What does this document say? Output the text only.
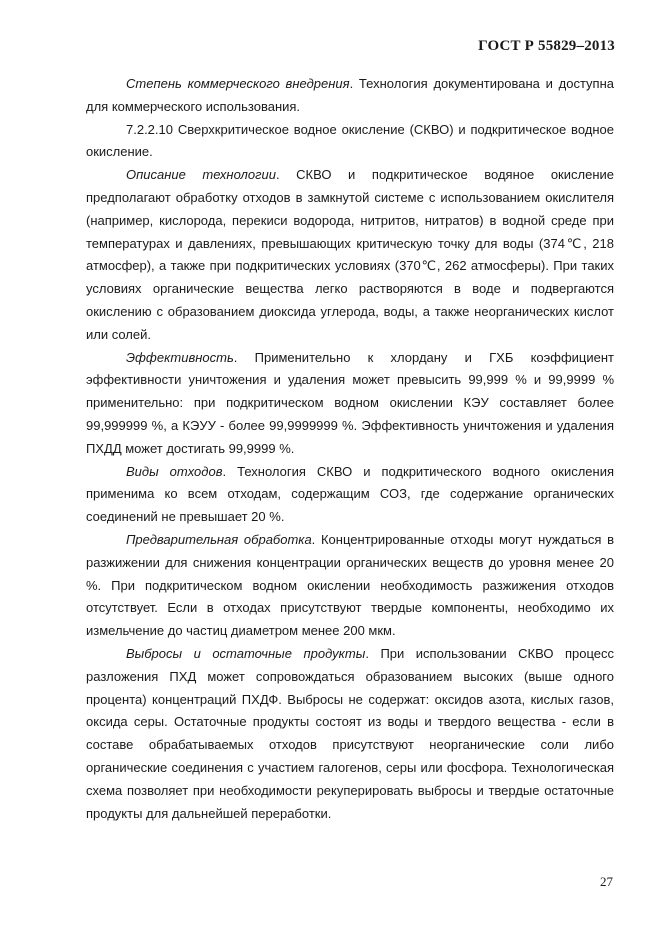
ГОСТ Р 55829–2013

Степень коммерческого внедрения. Технология документирована и доступна для коммерческого использования.

7.2.2.10 Сверхкритическое водное окисление (СКВО) и подкритическое водное окисление.

Описание технологии. СКВО и подкритическое водяное окисление предполагают обработку отходов в замкнутой системе с использованием окислителя (например, кислорода, перекиси водорода, нитритов, нитратов) в водной среде при температурах и давлениях, превышающих критическую точку для воды (374℃, 218 атмосфер), а также при подкритических условиях (370℃, 262 атмосферы). При таких условиях органические вещества легко растворяются в воде и подвергаются окислению с образованием диоксида углерода, воды, а также неорганических кислот или солей.

Эффективность. Применительно к хлордану и ГХБ коэффициент эффективности уничтожения и удаления может превысить 99,999 % и 99,9999 % применительно: при подкритическом водном окислении КЭУ составляет более 99,999999 %, а КЭУУ - более 99,9999999 %. Эффективность уничтожения и удаления ПХДД может достигать 99,9999 %.

Виды отходов. Технология СКВО и подкритического водного окисления применима ко всем отходам, содержащим СОЗ, где содержание органических соединений не превышает 20 %.

Предварительная обработка. Концентрированные отходы могут нуждаться в разжижении для снижения концентрации органических веществ до уровня менее 20 %. При подкритическом водном окислении необходимость разжижения отходов отсутствует. Если в отходах присутствуют твердые компоненты, необходимо их измельчение до частиц диаметром менее 200 мкм.

Выбросы и остаточные продукты. При использовании СКВО процесс разложения ПХД может сопровождаться образованием высоких (выше одного процента) концентраций ПХДФ. Выбросы не содержат: оксидов азота, кислых газов, оксида серы. Остаточные продукты состоят из воды и твердого вещества - если в составе обрабатываемых отходов присутствуют неорганические соли либо органические соединения с участием галогенов, серы или фосфора. Технологическая схема позволяет при необходимости рекуперировать выбросы и твердые остаточные продукты для дальнейшей переработки.

27
